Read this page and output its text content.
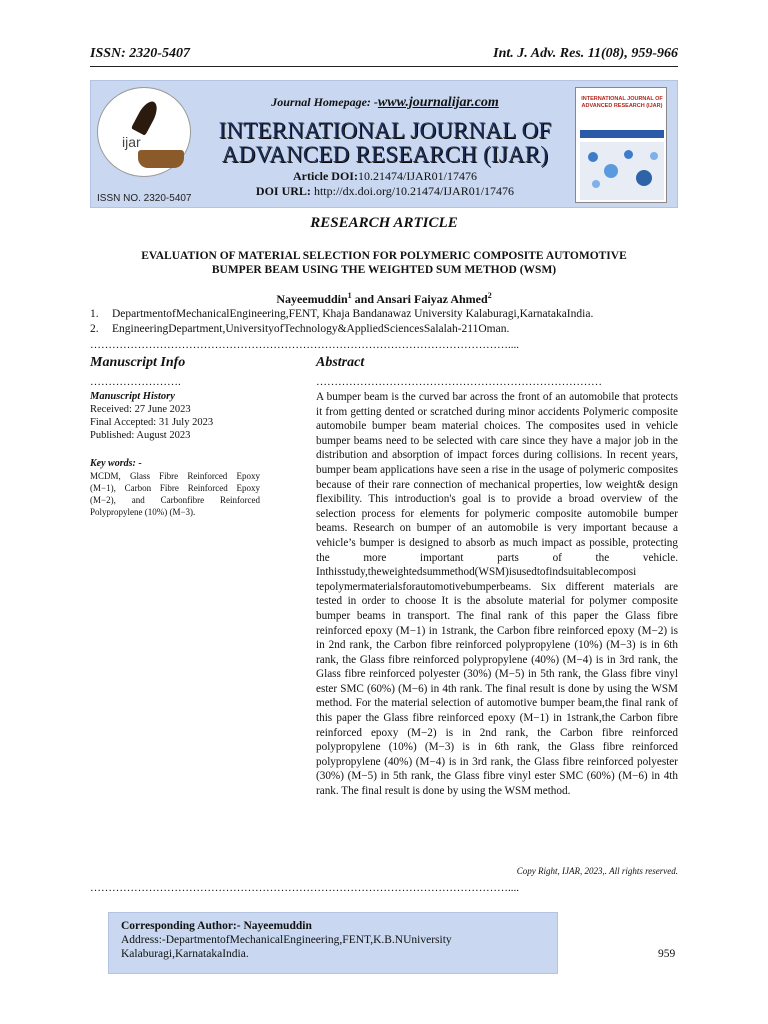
ISSN: 2320-5407	Int. J. Adv. Res. 11(08), 959-966
ijar
ISSN NO. 2320-5407
Journal Homepage: -www.journalijar.com
INTERNATIONAL JOURNAL OF
ADVANCED RESEARCH (IJAR)
Article DOI:10.21474/IJAR01/17476
DOI URL: http://dx.doi.org/10.21474/IJAR01/17476
INTERNATIONAL JOURNAL OF ADVANCED RESEARCH (IJAR)
RESEARCH ARTICLE
EVALUATION OF MATERIAL SELECTION FOR POLYMERIC COMPOSITE AUTOMOTIVE
BUMPER BEAM USING THE WEIGHTED SUM METHOD (WSM)
Nayeemuddin$^1$ and Ansari Faiyaz Ahmed$^2$
1. DepartmentofMechanicalEngineering,FENT, Khaja Bandanawaz University Kalaburagi,KarnatakaIndia.
2. EngineeringDepartment,UniversityofTechnology&AppliedSciencesSalalah-211Oman.
……………………………………………………………………………………………………....
Manuscript Info
…………………….
Manuscript History
Received: 27 June 2023
Final Accepted: 31 July 2023
Published: August 2023
Key words: -
MCDM, Glass Fibre Reinforced Epoxy (M−1), Carbon Fibre Reinforced Epoxy (M−2), and Carbonfibre Reinforced Polypropylene (10%) (M−3).
Abstract
……………………………………………………………………
A bumper beam is the curved bar across the front of an automobile that protects it from getting dented or scratched during minor accidents Polymeric composite automobile bumper beam material choices. The composites used in vehicle bumper beams need to be selected with care since they have a major job in the distribution and absorption of impact forces during collisions. In recent years, bumper beam applications have seen a rise in the usage of polymeric composites because of their rare connection of mechanical properties, low weight& design flexibility. This introduction's goal is to provide a broad overview of the selection process for elements for polymeric composite automobile bumper beams. Research on bumper of an automobile is very important because a vehicle’s bumper is designed to absorb as much impact as possible, protecting the more important parts of the vehicle. Inthisstudy,theweightedsummethod(WSM)isusedtofindsuitablecomposi tepolymermaterialsforautomotivebumperbeams. Six different materials are tested in order to choose It is the absolute material for polymer composite bumper beams in transport. The final rank of this paper the Glass fibre reinforced epoxy (M−1) in 1strank, the Carbon fibre reinforced epoxy (M−2) is in 2nd rank, the Carbon fibre reinforced polypropylene (10%) (M−3) is in 6th rank, the Glass fibre reinforced polypropylene (40%) (M−4) is in 3rd rank, the Glass fibre reinforced polyester (30%) (M−5) in 5th rank, the Glass fibre vinyl ester SMC (60%) (M−6) in 4th rank. The final result is done by using the WSM method. For the material selection of automotive bumper beam,the final rank of this paper the Glass fibre reinforced epoxy (M−1) in 1strank,the Carbon fibre reinforced epoxy (M−2) is in 2nd rank, the Carbon fibre reinforced polypropylene (10%) (M−3) is in 6th rank, the Glass fibre reinforced polypropylene (40%) (M−4) is in 3rd rank, the Glass fibre reinforced polyester (30%) (M−5) in 5th rank, the Glass fibre vinyl ester SMC (60%) (M−6) in 4th rank. The final result is done by using the WSM method.
Copy Right, IJAR, 2023,. All rights reserved.
……………………………………………………………………………………………………....
Corresponding Author:- Nayeemuddin
Address:-DepartmentofMechanicalEngineering,FENT,K.B.NUniversity
Kalaburagi,KarnatakaIndia.	959
